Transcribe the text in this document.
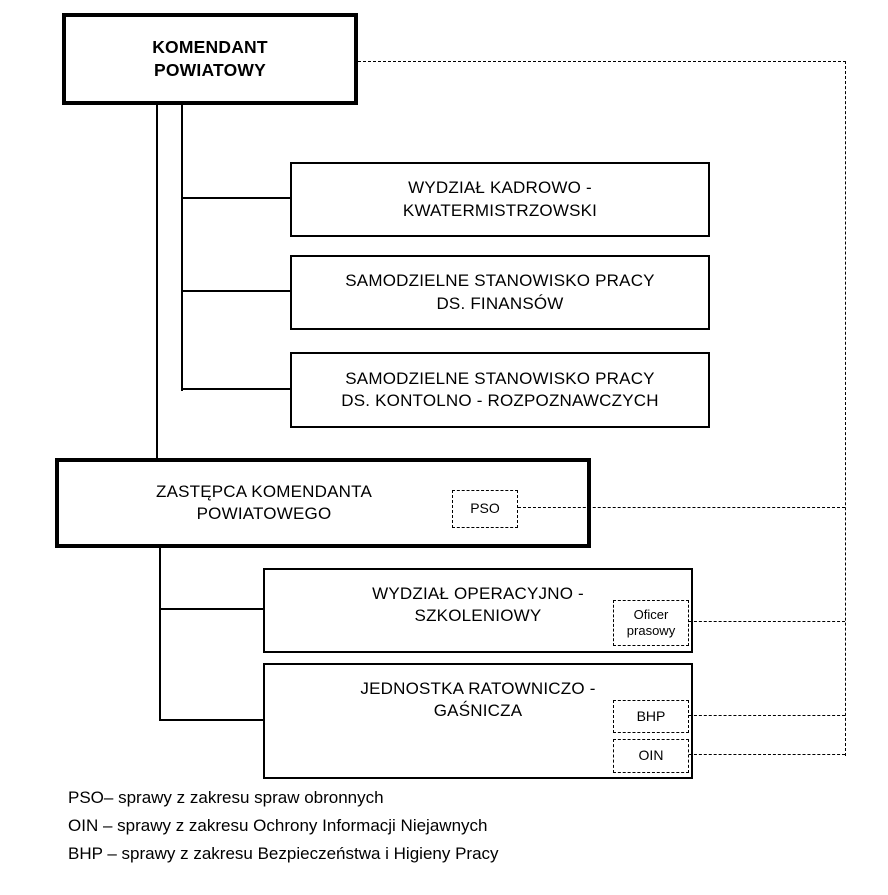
KOMENDANT
POWIATOWY
WYDZIAŁ KADROWO -
KWATERMISTRZOWSKI
SAMODZIELNE STANOWISKO PRACY
DS. FINANSÓW
SAMODZIELNE STANOWISKO PRACY
DS. KONTOLNO - ROZPOZNAWCZYCH
ZASTĘPCA KOMENDANTA
POWIATOWEGO
WYDZIAŁ OPERACYJNO -
SZKOLENIOWY
JEDNOSTKA RATOWNICZO -
GAŚNICZA
PSO
Oficer
prasowy
BHP
OIN
PSO– sprawy z zakresu spraw obronnych
OIN – sprawy z zakresu Ochrony Informacji Niejawnych
BHP – sprawy z zakresu Bezpieczeństwa i Higieny Pracy
